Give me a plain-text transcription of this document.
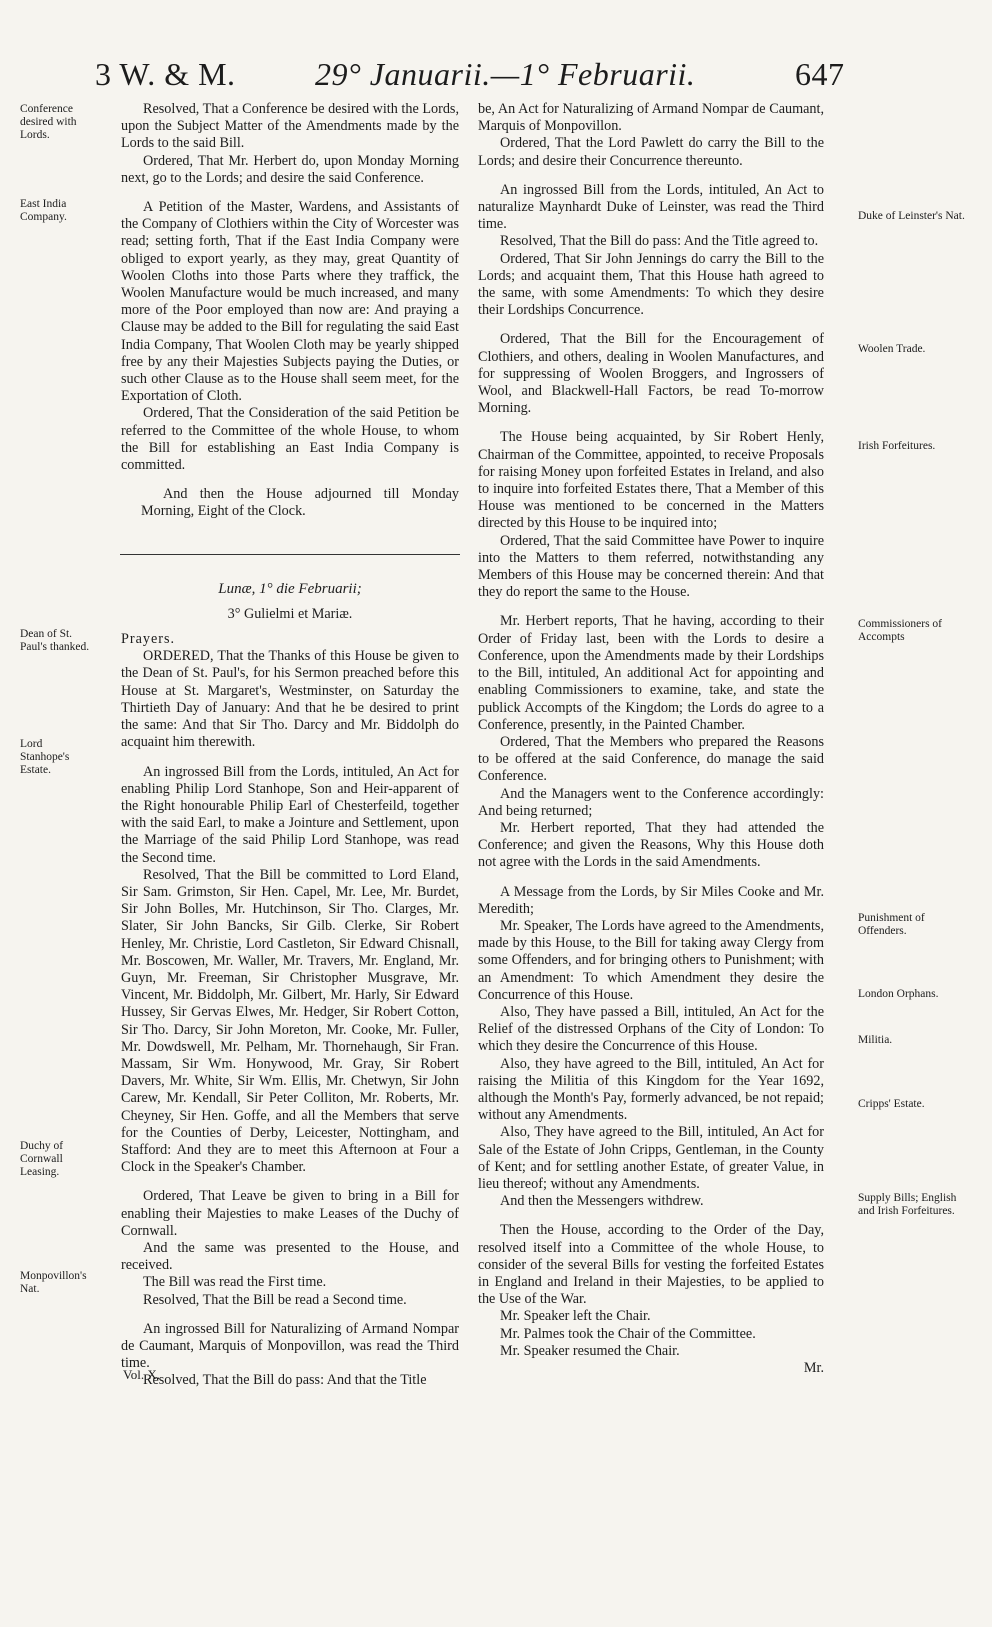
3 W. & M. 29° Januarii.—1° Februarii.	647
Conference desired with Lords.
East India Company.
Dean of St. Paul's thanked.
Lord Stanhope's Estate.
Duchy of Cornwall Leasing.
Monpovillon's Nat.
Duke of Leinster's Nat.
Woolen Trade.
Irish Forfeitures.
Commissioners of Accompts
Punishment of Offenders.
London Orphans.
Militia.
Cripps' Estate.
Supply Bills; English and Irish Forfeitures.

Resolved, That a Conference be desired with the Lords, upon the Subject Matter of the Amendments made by the Lords to the said Bill.

Ordered, That Mr. Herbert do, upon Monday Morning next, go to the Lords; and desire the said Conference.

A Petition of the Master, Wardens, and Assistants of the Company of Clothiers within the City of Worcester was read; setting forth, That if the East India Company were obliged to export yearly, as they may, great Quantity of Woolen Cloths into those Parts where they traffick, the Woolen Manufacture would be much increased, and many more of the Poor employed than now are: And praying a Clause may be added to the Bill for regulating the said East India Company, That Woolen Cloth may be yearly shipped free by any their Majesties Subjects paying the Duties, or such other Clause as to the House shall seem meet, for the Exportation of Cloth.

Ordered, That the Consideration of the said Petition be referred to the Committee of the whole House, to whom the Bill for establishing an East India Company is committed.

And then the House adjourned till Monday Morning, Eight of the Clock.

Lunæ, 1° die Februarii;

3° Gulielmi et Mariæ.

Prayers.

ORDERED, That the Thanks of this House be given to the Dean of St. Paul's, for his Sermon preached before this House at St. Margaret's, Westminster, on Saturday the Thirtieth Day of January: And that he be desired to print the same: And that Sir Tho. Darcy and Mr. Biddolph do acquaint him therewith.

An ingrossed Bill from the Lords, intituled, An Act for enabling Philip Lord Stanhope, Son and Heir-apparent of the Right honourable Philip Earl of Chesterfeild, together with the said Earl, to make a Jointure and Settlement, upon the Marriage of the said Philip Lord Stanhope, was read the Second time.

Resolved, That the Bill be committed to Lord Eland, Sir Sam. Grimston, Sir Hen. Capel, Mr. Lee, Mr. Burdet, Sir John Bolles, Mr. Hutchinson, Sir Tho. Clarges, Mr. Slater, Sir John Bancks, Sir Gilb. Clerke, Sir Robert Henley, Mr. Christie, Lord Castleton, Sir Edward Chisnall, Mr. Boscowen, Mr. Waller, Mr. Travers, Mr. England, Mr. Guyn, Mr. Freeman, Sir Christopher Musgrave, Mr. Vincent, Mr. Biddolph, Mr. Gilbert, Mr. Harly, Sir Edward Hussey, Sir Gervas Elwes, Mr. Hedger, Sir Robert Cotton, Sir Tho. Darcy, Sir John Moreton, Mr. Cooke, Mr. Fuller, Mr. Dowdswell, Mr. Pelham, Mr. Thornehaugh, Sir Fran. Massam, Sir Wm. Honywood, Mr. Gray, Sir Robert Davers, Mr. White, Sir Wm. Ellis, Mr. Chetwyn, Sir John Carew, Mr. Kendall, Sir Peter Colliton, Mr. Roberts, Mr. Cheyney, Sir Hen. Goffe, and all the Members that serve for the Counties of Derby, Leicester, Nottingham, and Stafford: And they are to meet this Afternoon at Four a Clock in the Speaker's Chamber.

Ordered, That Leave be given to bring in a Bill for enabling their Majesties to make Leases of the Duchy of Cornwall.

And the same was presented to the House, and received.

The Bill was read the First time.

Resolved, That the Bill be read a Second time.

An ingrossed Bill for Naturalizing of Armand Nompar de Caumant, Marquis of Monpovillon, was read the Third time.

Resolved, That the Bill do pass: And that the Title

be, An Act for Naturalizing of Armand Nompar de Caumant, Marquis of Monpovillon.

Ordered, That the Lord Pawlett do carry the Bill to the Lords; and desire their Concurrence thereunto.

An ingrossed Bill from the Lords, intituled, An Act to naturalize Maynhardt Duke of Leinster, was read the Third time.

Resolved, That the Bill do pass: And the Title agreed to.

Ordered, That Sir John Jennings do carry the Bill to the Lords; and acquaint them, That this House hath agreed to the same, with some Amendments: To which they desire their Lordships Concurrence.

Ordered, That the Bill for the Encouragement of Clothiers, and others, dealing in Woolen Manufactures, and for suppressing of Woolen Broggers, and Ingrossers of Wool, and Blackwell-Hall Factors, be read To-morrow Morning.

The House being acquainted, by Sir Robert Henly, Chairman of the Committee, appointed, to receive Proposals for raising Money upon forfeited Estates in Ireland, and also to inquire into forfeited Estates there, That a Member of this House was mentioned to be concerned in the Matters directed by this House to be inquired into;

Ordered, That the said Committee have Power to inquire into the Matters to them referred, notwithstanding any Members of this House may be concerned therein: And that they do report the same to the House.

Mr. Herbert reports, That he having, according to their Order of Friday last, been with the Lords to desire a Conference, upon the Amendments made by their Lordships to the Bill, intituled, An additional Act for appointing and enabling Commissioners to examine, take, and state the publick Accompts of the Kingdom; the Lords do agree to a Conference, presently, in the Painted Chamber.

Ordered, That the Members who prepared the Reasons to be offered at the said Conference, do manage the said Conference.

And the Managers went to the Conference accordingly: And being returned;

Mr. Herbert reported, That they had attended the Conference; and given the Reasons, Why this House doth not agree with the Lords in the said Amendments.

A Message from the Lords, by Sir Miles Cooke and Mr. Meredith;

Mr. Speaker, The Lords have agreed to the Amendments, made by this House, to the Bill for taking away Clergy from some Offenders, and for bringing others to Punishment; with an Amendment: To which Amendment they desire the Concurrence of this House.

Also, They have passed a Bill, intituled, An Act for the Relief of the distressed Orphans of the City of London: To which they desire the Concurrence of this House.

Also, they have agreed to the Bill, intituled, An Act for raising the Militia of this Kingdom for the Year 1692, although the Month's Pay, formerly advanced, be not repaid; without any Amendments.

Also, They have agreed to the Bill, intituled, An Act for Sale of the Estate of John Cripps, Gentleman, in the County of Kent; and for settling another Estate, of greater Value, in lieu thereof; without any Amendments.

And then the Messengers withdrew.

Then the House, according to the Order of the Day, resolved itself into a Committee of the whole House, to consider of the several Bills for vesting the forfeited Estates in England and Ireland in their Majesties, to be applied to the Use of the War.

Mr. Speaker left the Chair.

Mr. Palmes took the Chair of the Committee.

Mr. Speaker resumed the Chair.

Mr.

Vol. X.
